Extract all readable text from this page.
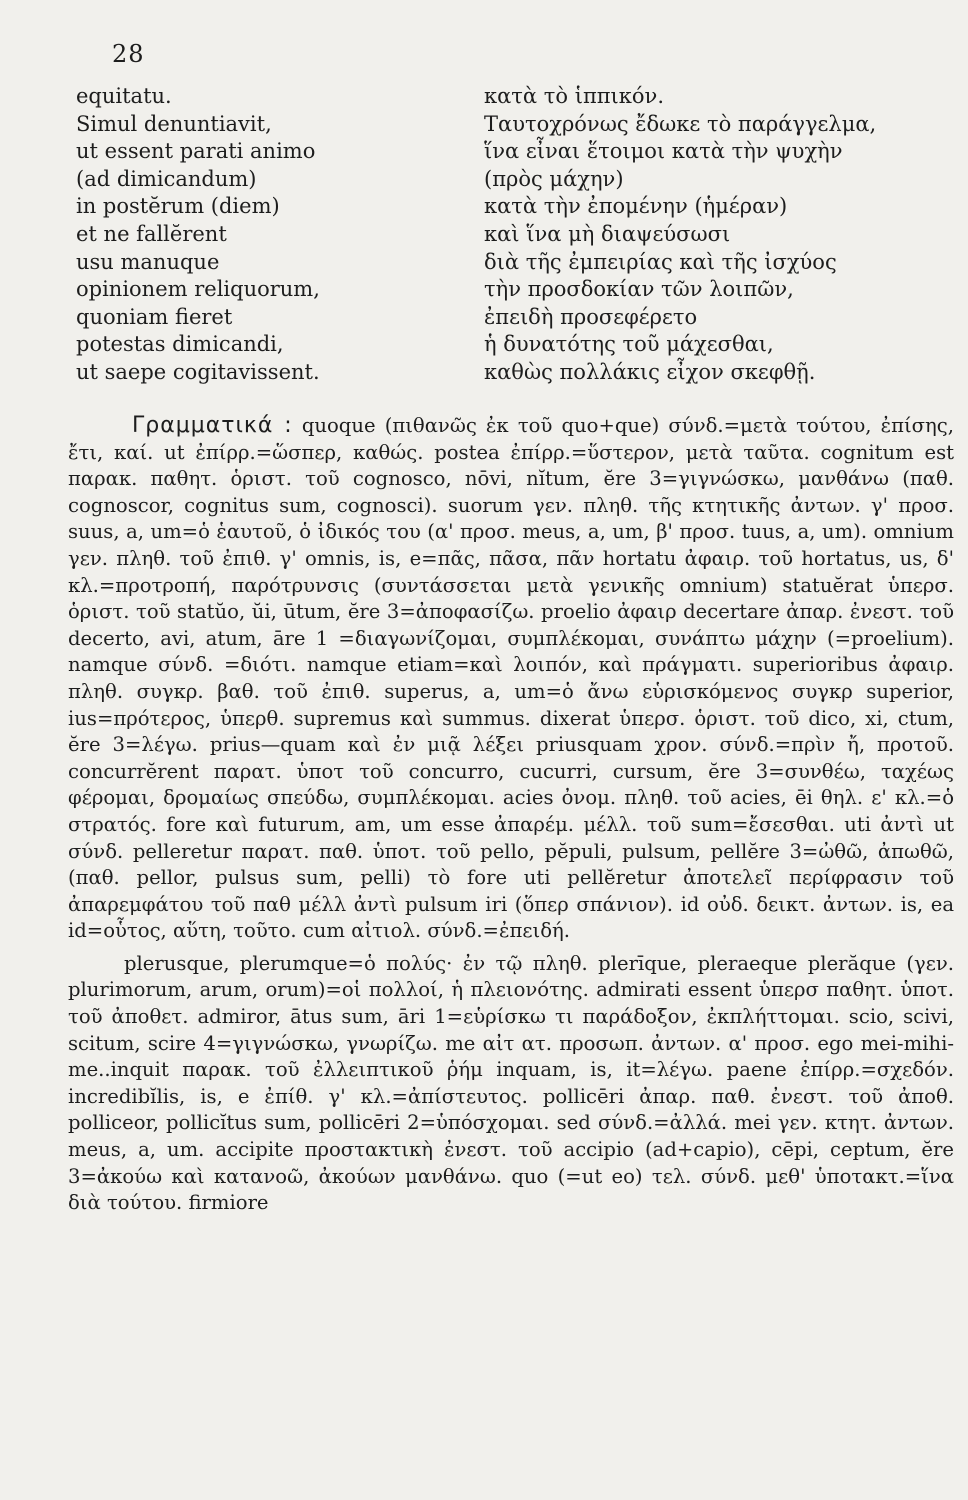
28
equitatu.
Simul denuntiavit,
ut essent parati animo
(ad dimicandum)
in postĕrum (diem)
et ne fallĕrent
usu manuque
opinionem reliquorum,
quoniam fieret
potestas dimicandi,
ut saepe cogitavissent.
κατὰ τὸ ἱππικόν.
Ταυτοχρόνως ἔδωκε τὸ παράγγελμα,
ἵνα εἶναι ἕτοιμοι κατὰ τὴν ψυχὴν
(πρὸς μάχην)
κατὰ τὴν ἐπομένην (ἡμέραν)
καὶ ἵνα μὴ διαψεύσωσι
διὰ τῆς ἐμπειρίας καὶ τῆς ἰσχύος
τὴν προσδοκίαν τῶν λοιπῶν,
ἐπειδὴ προσεφέρετο
ἡ δυνατότης τοῦ μάχεσθαι,
καθὼς πολλάκις εἶχον σκεφθῇ.

Γραμματικά : quoque (πιθανῶς ἐκ τοῦ quo+que) σύνδ.=μετὰ τούτου, ἐπίσης, ἔτι, καί. ut ἐπίρρ.=ὥσπερ, καθώς. postea ἐπίρρ.=ὕστερον, μετὰ ταῦτα. cognitum est παρακ. παθητ. ὁριστ. τοῦ cognosco, nōvi, nĭtum, ĕre 3=γιγνώσκω, μανθάνω (παθ. cognoscor, cognitus sum, cognosci). suorum γεν. πληθ. τῆς κτητικῆς ἀντων. γ' προσ. suus, a, um=ὁ ἑαυτοῦ, ὁ ἰδικός του (α' προσ. meus, a, um, β' προσ. tuus, a, um). omnium γεν. πληθ. τοῦ ἐπιθ. γ' omnis, is, e=πᾶς, πᾶσα, πᾶν hortatu ἀφαιρ. τοῦ hortatus, us, δ' κλ.=προτροπή, παρότρυνσις (συντάσσεται μετὰ γενικῆς omnium) statuĕrat ὑπερσ. ὁριστ. τοῦ statŭo, ŭi, ūtum, ĕre 3=ἀποφασίζω. proelio ἀφαιρ decertare ἀπαρ. ἐνεστ. τοῦ decerto, avi, atum, āre 1 =διαγωνίζομαι, συμπλέκομαι, συνάπτω μάχην (=proelium). namque σύνδ. =διότι. namque etiam=καὶ λοιπόν, καὶ πράγματι. superioribus ἀφαιρ. πληθ. συγκρ. βαθ. τοῦ ἐπιθ. superus, a, um=ὁ ἄνω εὑρισκόμενος συγκρ superior, ius=πρότερος, ὑπερθ. supremus καὶ summus. dixerat ὑπερσ. ὁριστ. τοῦ dico, xi, ctum, ĕre 3=λέγω. prius—quam καὶ ἐν μιᾷ λέξει priusquam χρον. σύνδ.=πρὶν ἤ, προτοῦ. concurrĕrent παρατ. ὑποτ τοῦ concurro, cucurri, cursum, ĕre 3=συνθέω, ταχέως φέρομαι, δρομαίως σπεύδω, συμπλέκομαι. acies ὀνομ. πληθ. τοῦ acies, ēi θηλ. ε' κλ.=ὁ στρατός. fore καὶ futurum, am, um esse ἀπαρέμ. μέλλ. τοῦ sum=ἔσεσθαι. uti ἀντὶ ut σύνδ. pelleretur παρατ. παθ. ὑποτ. τοῦ pello, pĕpuli, pulsum, pellĕre 3=ὠθῶ, ἀπωθῶ, (παθ. pellor, pulsus sum, pelli) τὸ fore uti pellĕretur ἀποτελεῖ περίφρασιν τοῦ ἀπαρεμφάτου τοῦ παθ μέλλ ἀντὶ pulsum iri (ὅπερ σπάνιον). id οὐδ. δεικτ. ἀντων. is, ea id=οὗτος, αὕτη, τοῦτο. cum αἰτιολ. σύνδ.=ἐπειδή.

plerusque, plerumque=ὁ πολύς· ἐν τῷ πληθ. plerīque, pleraeque plerăque (γεν. plurimorum, arum, orum)=οἱ πολλοί, ἡ πλειονότης. admirati essent ὑπερσ παθητ. ὑποτ. τοῦ ἀποθετ. admiror, ātus sum, āri 1=εὑρίσκω τι παράδοξον, ἐκπλήττομαι. scio, scivi, scitum, scire 4=γιγνώσκω, γνωρίζω. me αἰτ ατ. προσωπ. ἀντων. α' προσ. ego mei-mihi-me..inquit παρακ. τοῦ ἐλλειπτικοῦ ῥήμ inquam, is, it=λέγω. paene ἐπίρρ.=σχεδόν. incredibĭlis, is, e ἐπίθ. γ' κλ.=ἀπίστευτος. pollicēri ἀπαρ. παθ. ἐνεστ. τοῦ ἀποθ. polliceor, pollicĭtus sum, pollicēri 2=ὑπόσχομαι. sed σύνδ.=ἀλλά. mei γεν. κτητ. ἀντων. meus, a, um. accipite προστακτικὴ ἐνεστ. τοῦ accipio (ad+capio), cēpi, ceptum, ĕre 3=ἀκούω καὶ κατανοῶ, ἀκούων μανθάνω. quo (=ut eo) τελ. σύνδ. μεθ' ὑποτακτ.=ἵνα διὰ τούτου. firmiore
